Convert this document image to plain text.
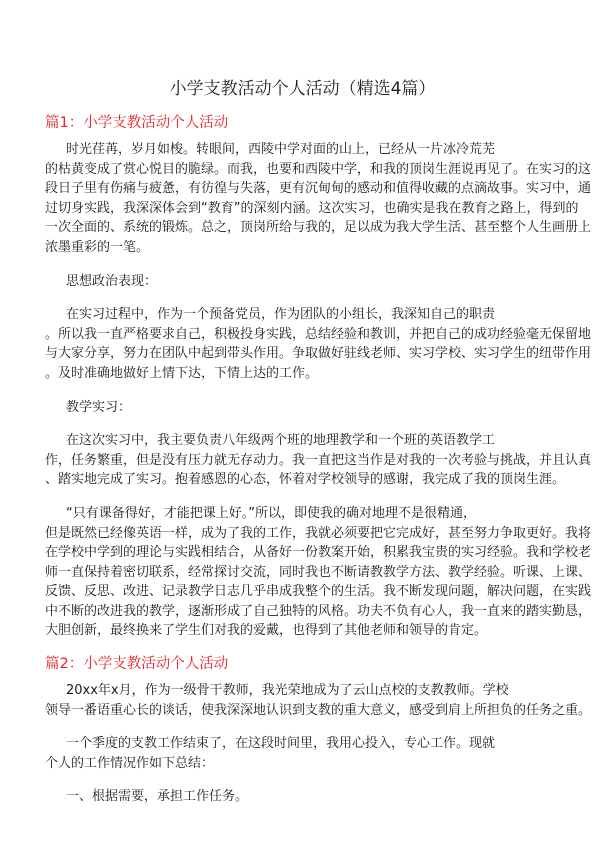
小学支教活动个人活动（精选4篇）
篇1：小学支教活动个人活动
时光荏苒，岁月如梭。转眼间，西陵中学对面的山上，已经从一片冰冷荒芜
的枯黄变成了赏心悦目的脆绿。而我，也要和西陵中学，和我的顶岗生涯说再见了。在实习的这
段日子里有伤痛与疲惫，有彷徨与失落，更有沉甸甸的感动和值得收藏的点滴故事。实习中，通
过切身实践，我深深体会到“教育”的深刻内涵。这次实习，也确实是我在教育之路上，得到的
一次全面的、系统的锻炼。总之，顶岗所给与我的，足以成为我大学生活、甚至整个人生画册上
浓墨重彩的一笔。
思想政治表现：
在实习过程中，作为一个预备党员，作为团队的小组长，我深知自己的职责
。所以我一直严格要求自己，积极投身实践，总结经验和教训，并把自己的成功经验毫无保留地
与大家分享，努力在团队中起到带头作用。争取做好驻线老师、实习学校、实习学生的纽带作用
。及时准确地做好上情下达，下情上达的工作。
教学实习：
在这次实习中，我主要负责八年级两个班的地理教学和一个班的英语教学工
作，任务繁重，但是没有压力就无存动力。我一直把这当作是对我的一次考验与挑战，并且认真
、踏实地完成了实习。抱着感恩的心态，怀着对学校领导的感谢，我完成了我的顶岗生涯。
“只有课备得好，才能把课上好。”所以，即使我的确对地理不是很精通，
但是既然已经像英语一样，成为了我的工作，我就必须要把它完成好，甚至努力争取更好。我将
在学校中学到的理论与实践相结合，从备好一份教案开始，积累我宝贵的实习经验。我和学校老
师一直保持着密切联系，经常探讨交流，同时我也不断请教教学方法、教学经验。听课、上课、
反馈、反思、改进、记录教学日志几乎串成我整个的生活。我不断发现问题，解决问题，在实践
中不断的改进我的教学，逐渐形成了自己独特的风格。功夫不负有心人，我一直来的踏实勤恳，
大胆创新，最终换来了学生们对我的爱戴，也得到了其他老师和领导的肯定。
篇2：小学支教活动个人活动
20xx年x月，作为一级骨干教师，我光荣地成为了云山点校的支教教师。学校
领导一番语重心长的谈话，使我深深地认识到支教的重大意义，感受到肩上所担负的任务之重。
一个季度的支教工作结束了，在这段时间里，我用心投入，专心工作。现就
个人的工作情况作如下总结：
一、根据需要，承担工作任务。
